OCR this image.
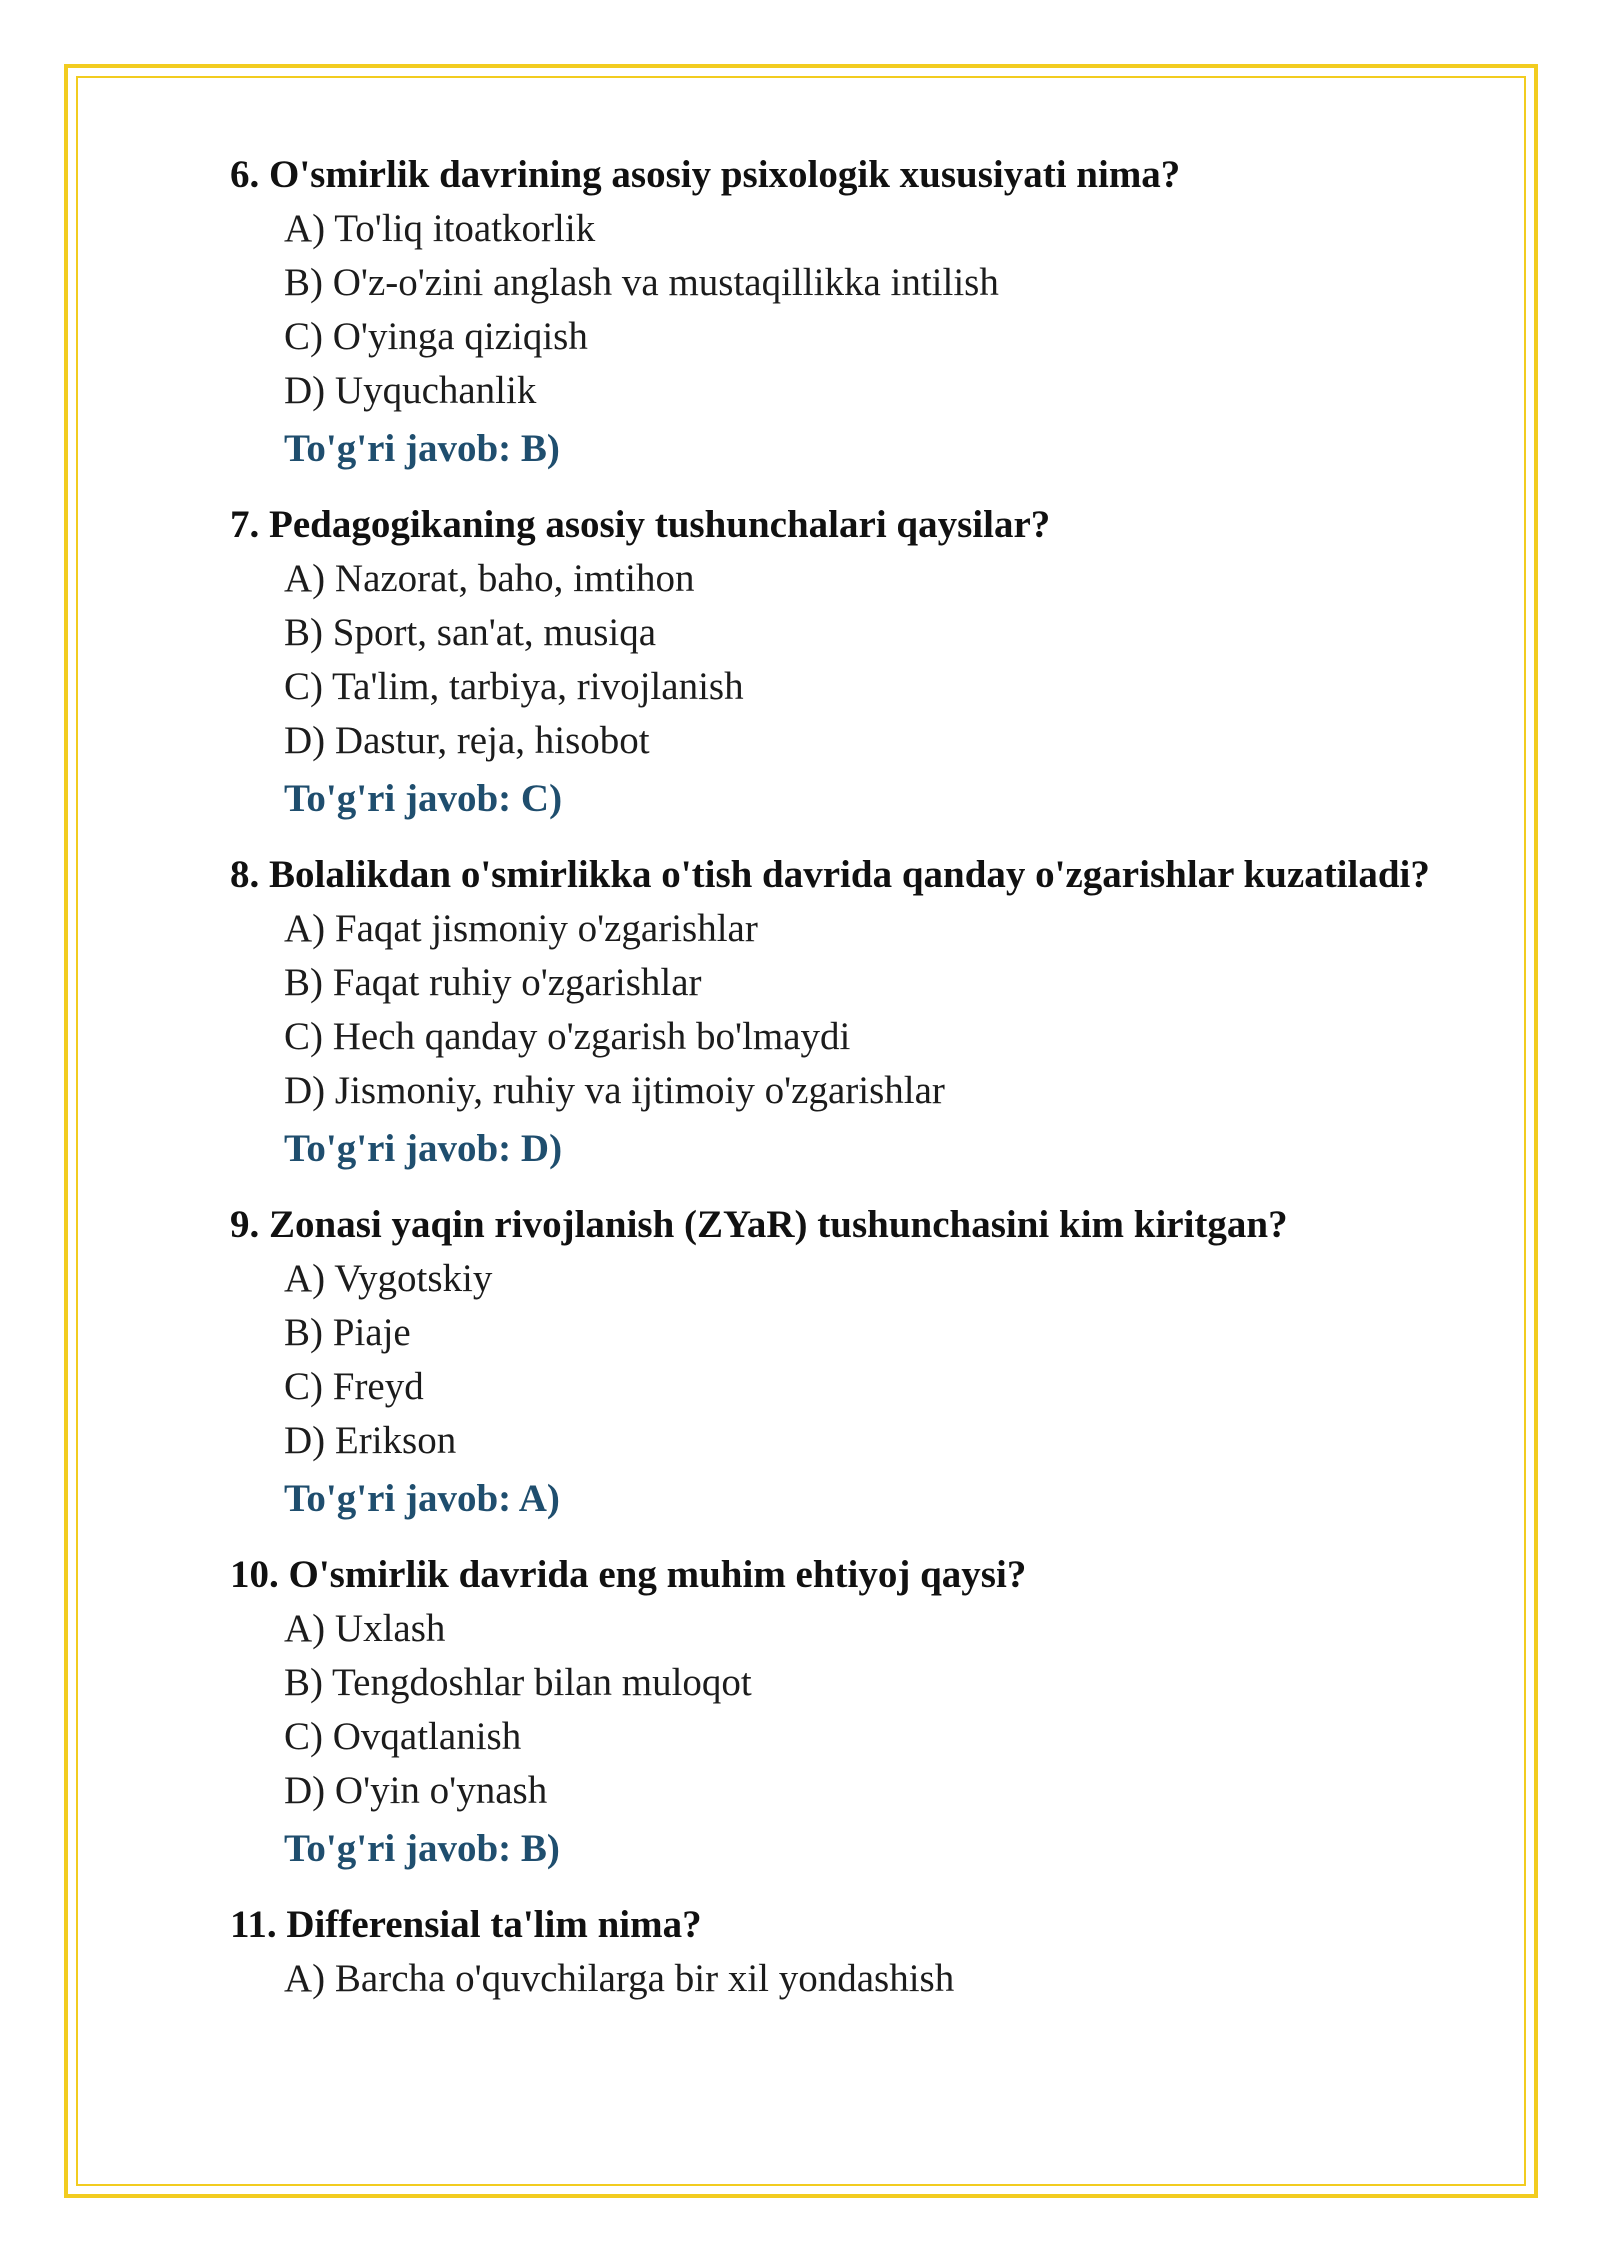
6. O'smirlik davrining asosiy psixologik xususiyati nima?
A) To'liq itoatkorlik
B) O'z-o'zini anglash va mustaqillikka intilish
C) O'yinga qiziqish
D) Uyquchanlik
To'g'ri javob: B)
7. Pedagogikaning asosiy tushunchalari qaysilar?
A) Nazorat, baho, imtihon
B) Sport, san'at, musiqa
C) Ta'lim, tarbiya, rivojlanish
D) Dastur, reja, hisobot
To'g'ri javob: C)
8. Bolalikdan o'smirlikka o'tish davrida qanday o'zgarishlar kuzatiladi?
A) Faqat jismoniy o'zgarishlar
B) Faqat ruhiy o'zgarishlar
C) Hech qanday o'zgarish bo'lmaydi
D) Jismoniy, ruhiy va ijtimoiy o'zgarishlar
To'g'ri javob: D)
9. Zonasi yaqin rivojlanish (ZYaR) tushunchasini kim kiritgan?
A) Vygotskiy
B) Piaje
C) Freyd
D) Erikson
To'g'ri javob: A)
10. O'smirlik davrida eng muhim ehtiyoj qaysi?
A) Uxlash
B) Tengdoshlar bilan muloqot
C) Ovqatlanish
D) O'yin o'ynash
To'g'ri javob: B)
11. Differensial ta'lim nima?
A) Barcha o'quvchilarga bir xil yondashish
